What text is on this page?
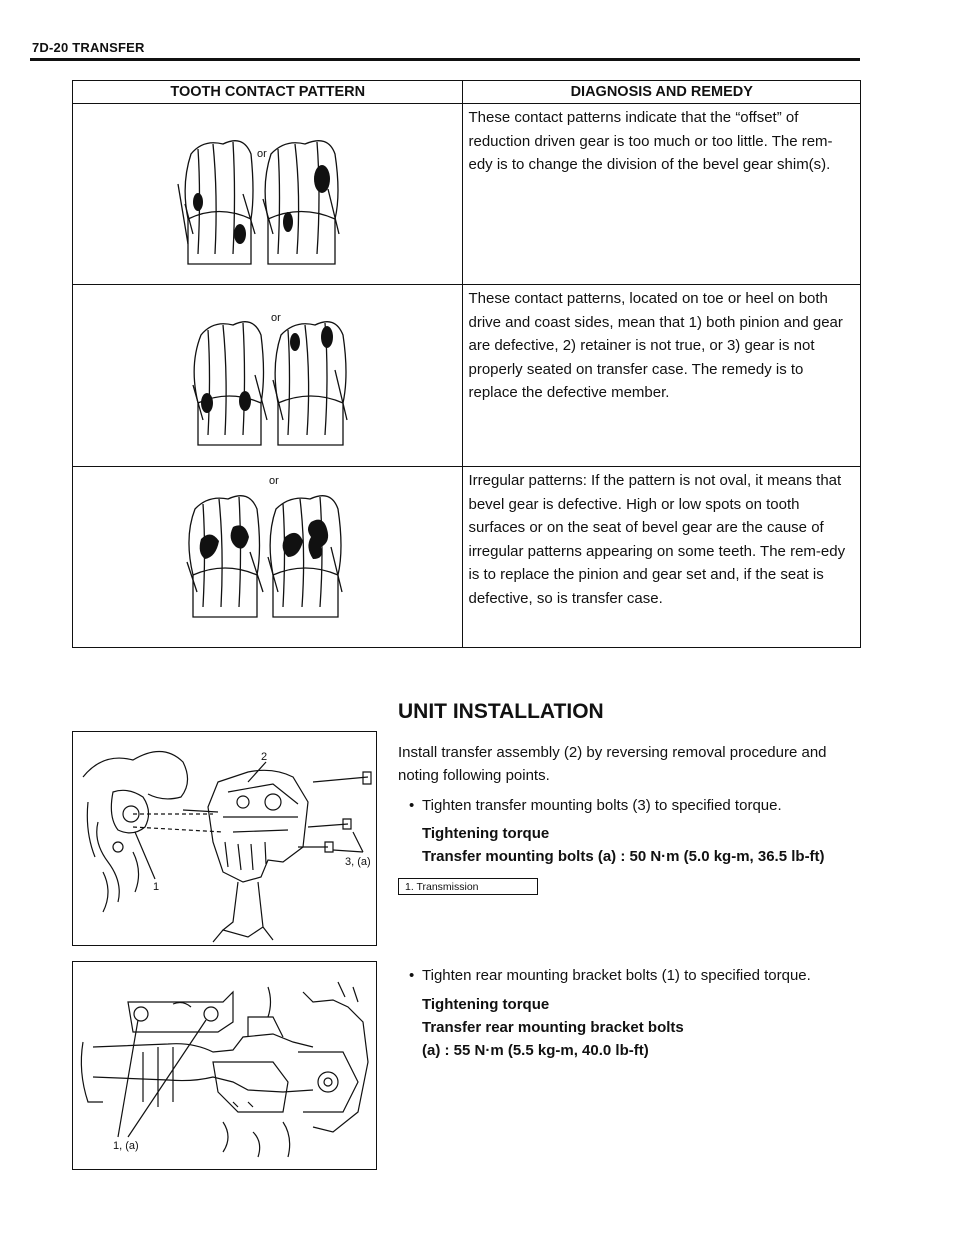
7D-20 TRANSFER
TOOTH CONTACT PATTERN	DIAGNOSIS AND REMEDY

or	These contact patterns indicate that the “offset” of reduction driven gear is too much or too little. The rem-edy is to change the division of the bevel gear shim(s).

or	These contact patterns, located on toe or heel on both drive and coast sides, mean that 1) both pinion and gear are defective, 2) retainer is not true, or 3) gear is not properly seated on transfer case. The remedy is to replace the defective member.

or	Irregular patterns: If the pattern is not oval, it means that bevel gear is defective. High or low spots on tooth surfaces or on the seat of bevel gear are the cause of irregular patterns appearing on some teeth. The rem-edy is to replace the pinion and gear set and, if the seat is defective, so is transfer case.

UNIT INSTALLATION
2
3, (a)
1

Install transfer assembly (2) by reversing removal procedure and noting following points.

• Tighten transfer mounting bolts (3) to specified torque.
Tightening torque
Transfer mounting bolts (a) : 50 N·m (5.0 kg-m, 36.5 lb-ft)
1. Transmission
1, (a)
• Tighten rear mounting bracket bolts (1) to specified torque.
Tightening torque
Transfer rear mounting bracket bolts
(a) : 55 N·m (5.5 kg-m, 40.0 lb-ft)
